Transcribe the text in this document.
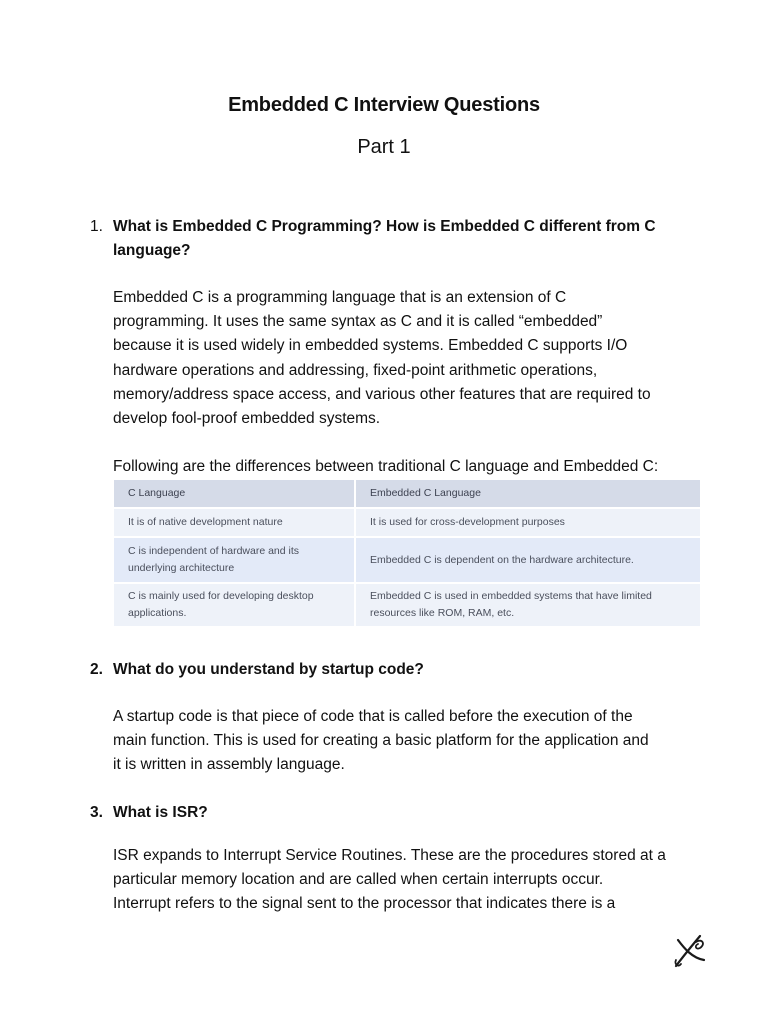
Embedded C Interview Questions
Part 1
1. What is Embedded C Programming? How is Embedded C different from C
language?
Embedded C is a programming language that is an extension of C
programming. It uses the same syntax as C and it is called “embedded”
because it is used widely in embedded systems. Embedded C supports I/O
hardware operations and addressing, fixed-point arithmetic operations,
memory/address space access, and various other features that are required to
develop fool-proof embedded systems.
Following are the differences between traditional C language and Embedded C:
C Language	Embedded C Language

It is of native development nature	It is used for cross-development purposes

C is independent of hardware and its
underlying architecture	Embedded C is dependent on the hardware architecture.

C is mainly used for developing desktop
applications.	Embedded C is used in embedded systems that have limited
resources like ROM, RAM, etc.
2. What do you understand by startup code?
A startup code is that piece of code that is called before the execution of the
main function. This is used for creating a basic platform for the application and
it is written in assembly language.
3. What is ISR?
ISR expands to Interrupt Service Routines. These are the procedures stored at a
particular memory location and are called when certain interrupts occur.
Interrupt refers to the signal sent to the processor that indicates there is a
